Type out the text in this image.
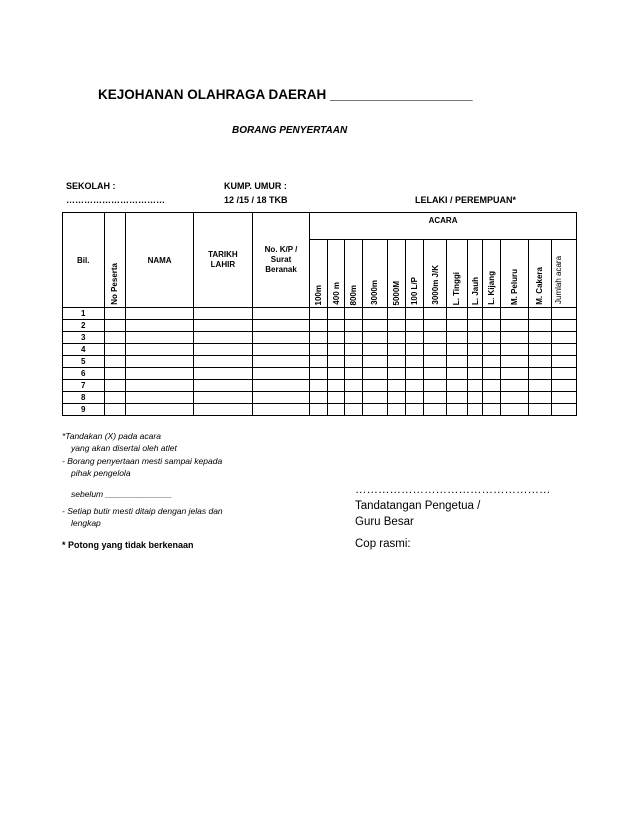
KEJOHANAN OLAHRAGA DAERAH ___________________
BORANG PENYERTAAN
SEKOLAH :
……………………………
KUMP. UMUR :
12 /15 / 18 TKB	LELAKI / PEREMPUAN*
Bil.	No Peserta	NAMA	TARIKH LAHIR	No. K/P / Surat Beranak	ACARA												
					100m	400 m	800m	3000m	5000M	100 L/P	3000m J/K	L. Tinggi	L. Jauh	L. Kijang	M. Peluru	M. Cakera	Jumlah acara
1																	
2																	
3																	
4																	
5																	
6																	
7																	
8																	
9																	
*Tandakan (X) pada acara
yang akan disertai oleh atlet
- Borang penyertaan mesti sampai kepada
pihak pengelola
sebelum ______________
- Setiap butir mesti ditaip dengan jelas dan
lengkap
* Potong yang tidak berkenaan
……………………………………………
Tandatangan Pengetua /
Guru Besar
Cop rasmi:
